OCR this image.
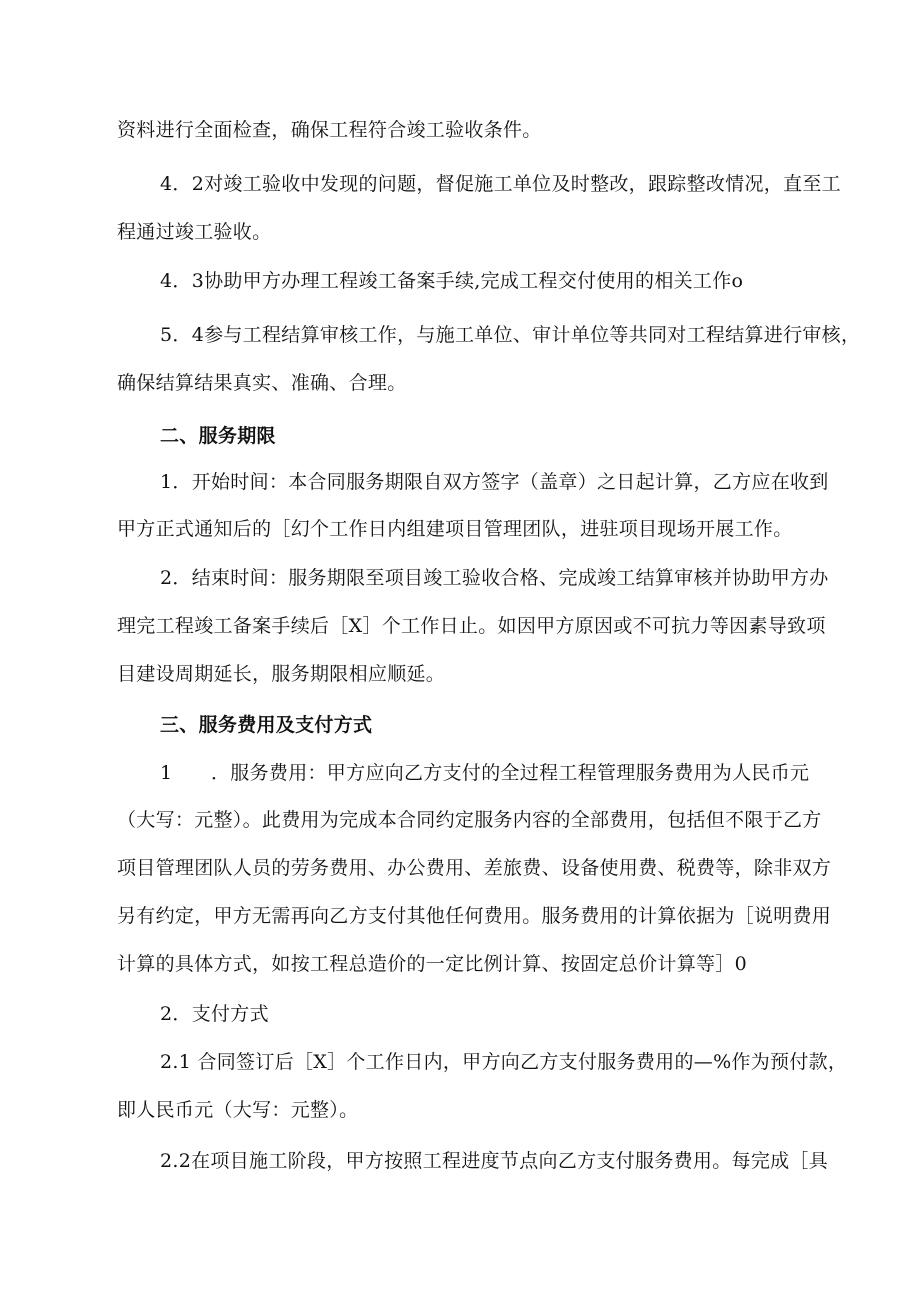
资料进行全面检查，确保工程符合竣工验收条件。
4．2对竣工验收中发现的问题，督促施工单位及时整改，跟踪整改情况，直至工
程通过竣工验收。
4．3协助甲方办理工程竣工备案手续,完成工程交付使用的相关工作o
5．4参与工程结算审核工作，与施工单位、审计单位等共同对工程结算进行审核，
确保结算结果真实、准确、合理。
二、服务期限
1．开始时间：本合同服务期限自双方签字（盖章）之日起计算，乙方应在收到
甲方正式通知后的［幻个工作日内组建项目管理团队，进驻项目现场开展工作。
2．结束时间：服务期限至项目竣工验收合格、完成竣工结算审核并协助甲方办
理完工程竣工备案手续后［X］个工作日止。如因甲方原因或不可抗力等因素导致项
目建设周期延长，服务期限相应顺延。
三、服务费用及支付方式
1　　．服务费用：甲方应向乙方支付的全过程工程管理服务费用为人民币元
（大写：元整）。此费用为完成本合同约定服务内容的全部费用，包括但不限于乙方
项目管理团队人员的劳务费用、办公费用、差旅费、设备使用费、税费等，除非双方
另有约定，甲方无需再向乙方支付其他任何费用。服务费用的计算依据为［说明费用
计算的具体方式，如按工程总造价的一定比例计算、按固定总价计算等］0
2．支付方式
2.1 合同签订后［X］个工作日内，甲方向乙方支付服务费用的—%作为预付款，
即人民币元（大写：元整）。
2.2在项目施工阶段，甲方按照工程进度节点向乙方支付服务费用。每完成［具
